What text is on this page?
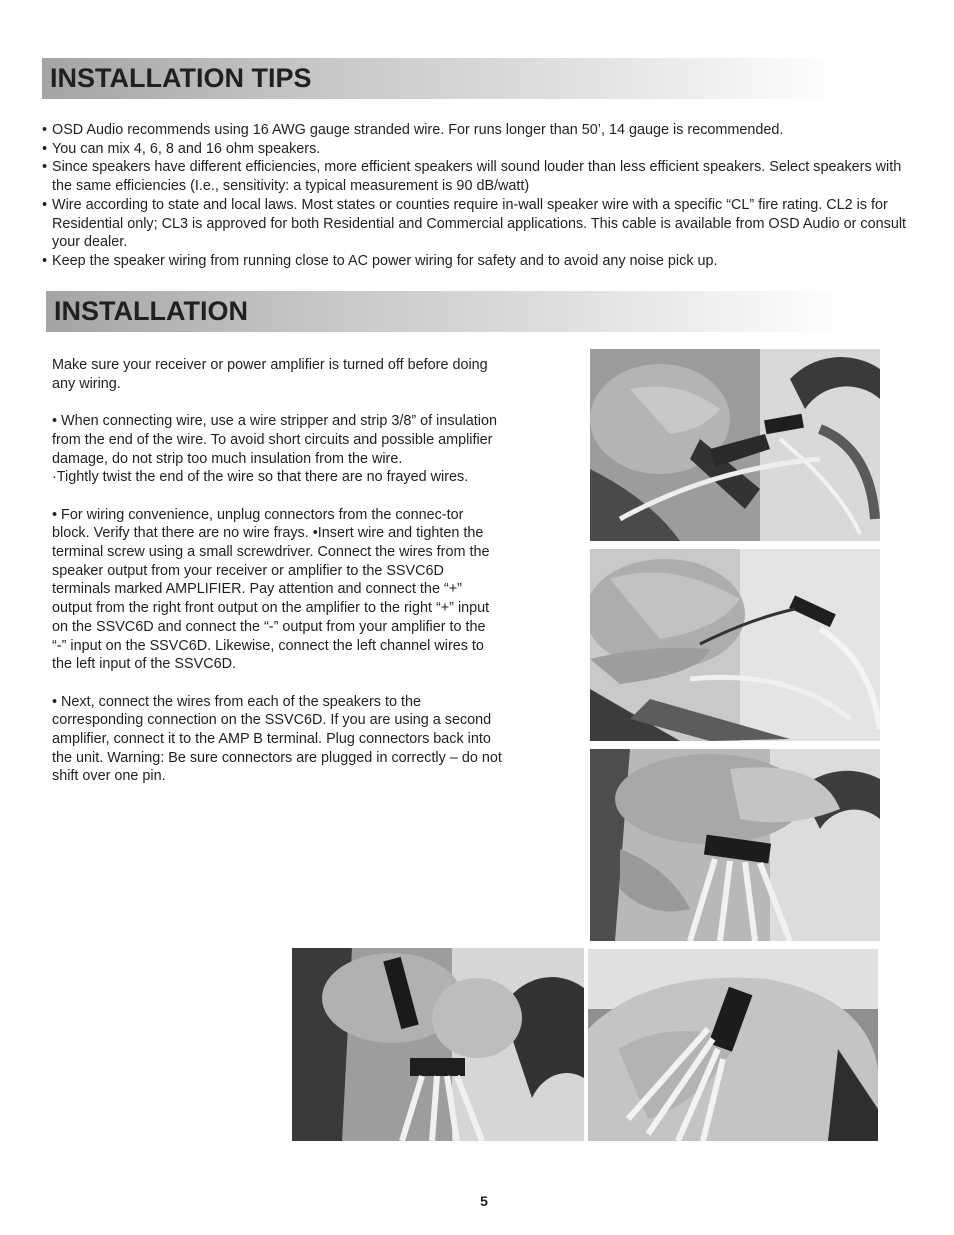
INSTALLATION TIPS
• OSD Audio recommends using 16 AWG gauge stranded wire. For runs longer than 50’, 14 gauge is recommended.
• You can mix 4, 6, 8 and 16 ohm speakers.
• Since speakers have different efficiencies, more efficient speakers will sound louder than less efficient speakers. Select speakers with the same efficiencies (I.e., sensitivity: a typical measurement is 90 dB/watt)
• Wire according to state and local laws. Most states or counties require in-wall speaker wire with a specific “CL” fire rating. CL2 is for Residential only; CL3 is approved for both Residential and Commercial applications. This cable is available from OSD Audio or consult your dealer.
• Keep the speaker wiring from running close to AC power wiring for safety and to avoid any noise pick up.
INSTALLATION

Make sure your receiver or power amplifier is turned off before doing any wiring.

• When connecting wire, use a wire stripper and strip 3/8” of insulation from the end of the wire. To avoid short circuits and possible amplifier damage, do not strip too much insulation from the wire.

·Tightly twist the end of the wire so that there are no frayed wires.

• For wiring convenience, unplug connectors from the connec-tor block. Verify that there are no wire frays. •Insert wire and tighten the terminal screw using a small screwdriver. Connect the wires from the speaker output from your receiver or amplifier to the SSVC6D terminals marked AMPLIFIER. Pay attention and connect the “+” output from the right front output on the amplifier to the right “+” input on the SSVC6D and connect the “-” output from your amplifier to the “-” input on the SSVC6D. Likewise, connect the left channel wires to the left input of the SSVC6D.

• Next, connect the wires from each of the speakers to the corresponding connection on the SSVC6D. If you are using a second amplifier, connect it to the AMP B terminal. Plug connectors back into the unit. Warning: Be sure connectors are plugged in correctly – do not shift over one pin.

5
